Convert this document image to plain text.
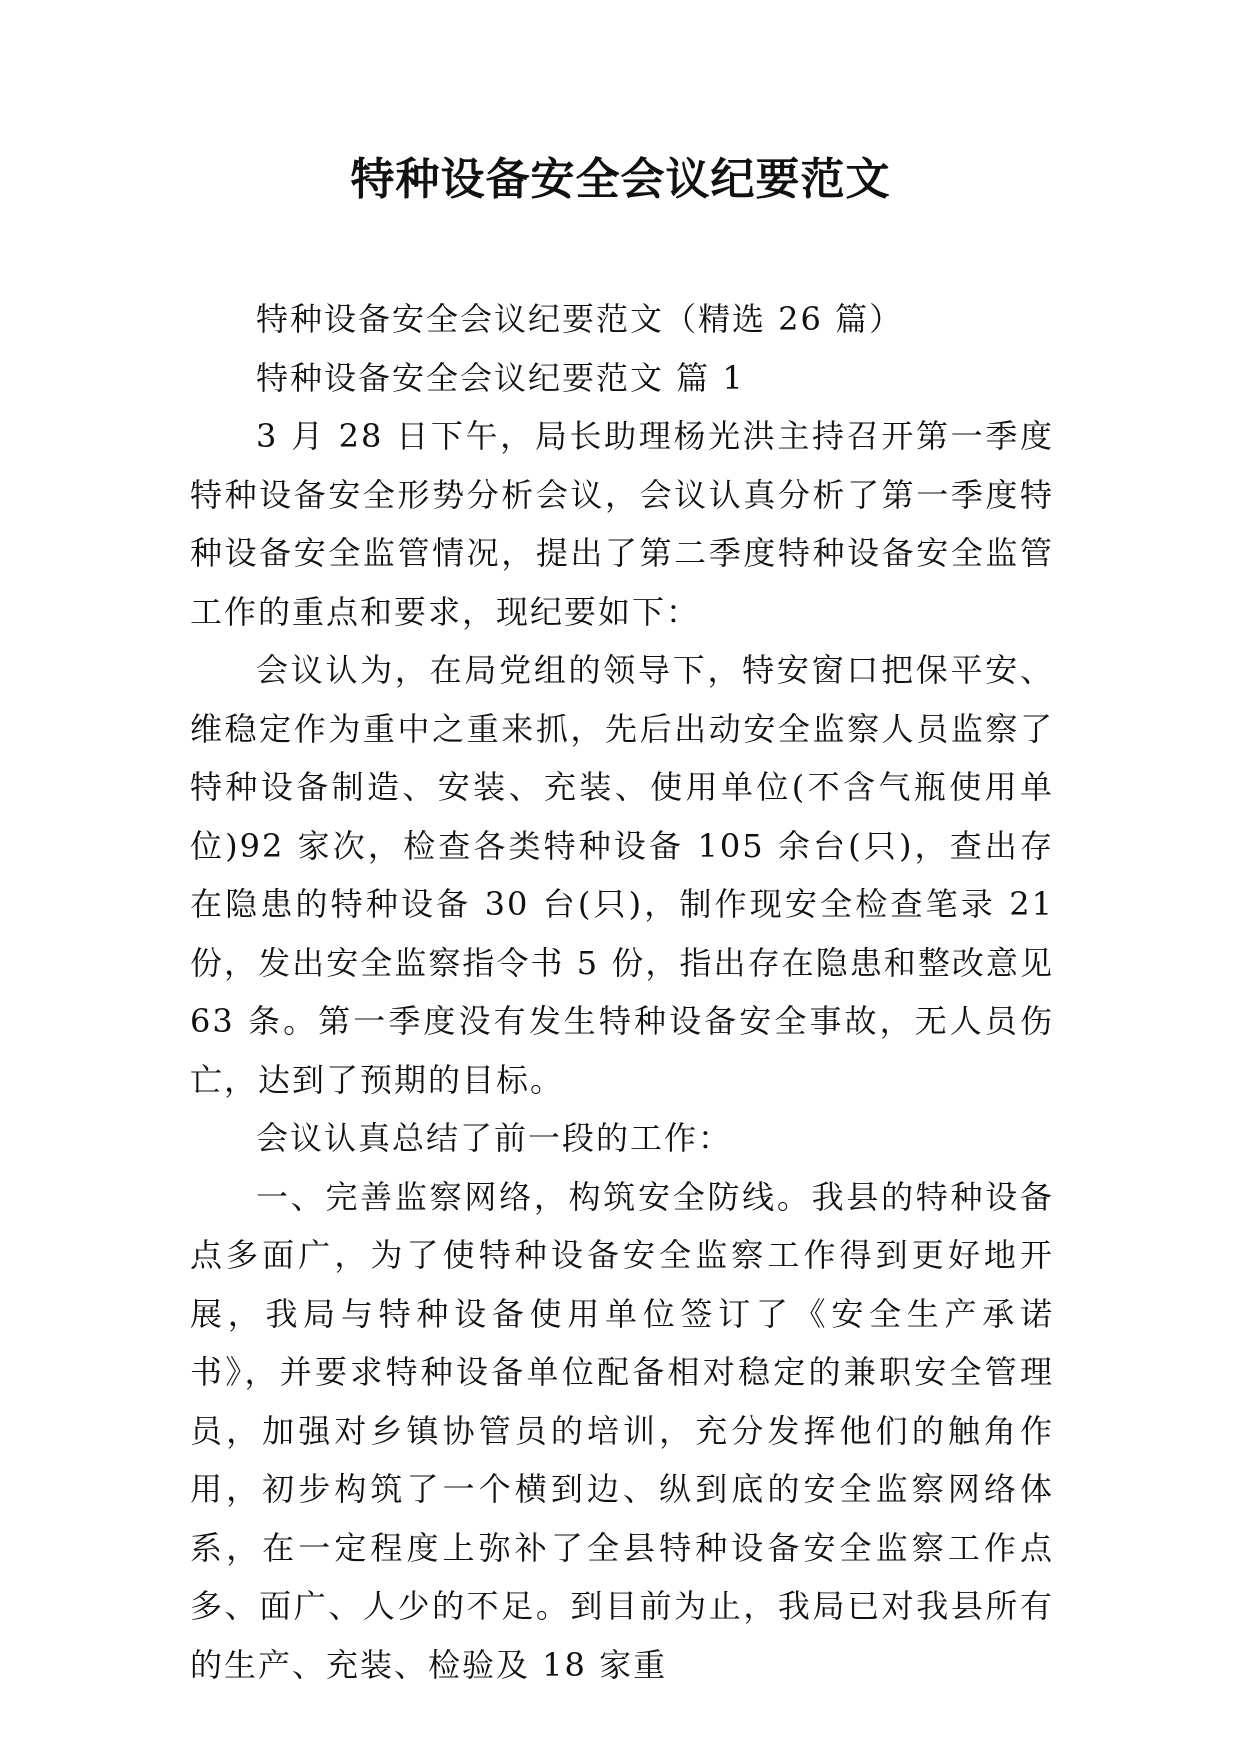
特种设备安全会议纪要范文

特种设备安全会议纪要范文（精选 26 篇）

特种设备安全会议纪要范文 篇 1

3 月 28 日下午，局长助理杨光洪主持召开第一季度特种设备安全形势分析会议，会议认真分析了第一季度特种设备安全监管情况，提出了第二季度特种设备安全监管工作的重点和要求，现纪要如下：

会议认为，在局党组的领导下，特安窗口把保平安、维稳定作为重中之重来抓，先后出动安全监察人员监察了特种设备制造、安装、充装、使用单位(不含气瓶使用单位)92 家次，检查各类特种设备 105 余台(只)，查出存在隐患的特种设备 30 台(只)，制作现安全检查笔录 21 份，发出安全监察指令书 5 份，指出存在隐患和整改意见 63 条。第一季度没有发生特种设备安全事故，无人员伤亡，达到了预期的目标。

会议认真总结了前一段的工作：

一、完善监察网络，构筑安全防线。我县的特种设备点多面广，为了使特种设备安全监察工作得到更好地开展，我局与特种设备使用单位签订了《安全生产承诺书》，并要求特种设备单位配备相对稳定的兼职安全管理员，加强对乡镇协管员的培训，充分发挥他们的触角作用，初步构筑了一个横到边、纵到底的安全监察网络体系，在一定程度上弥补了全县特种设备安全监察工作点多、面广、人少的不足。到目前为止，我局已对我县所有的生产、充装、检验及 18 家重
